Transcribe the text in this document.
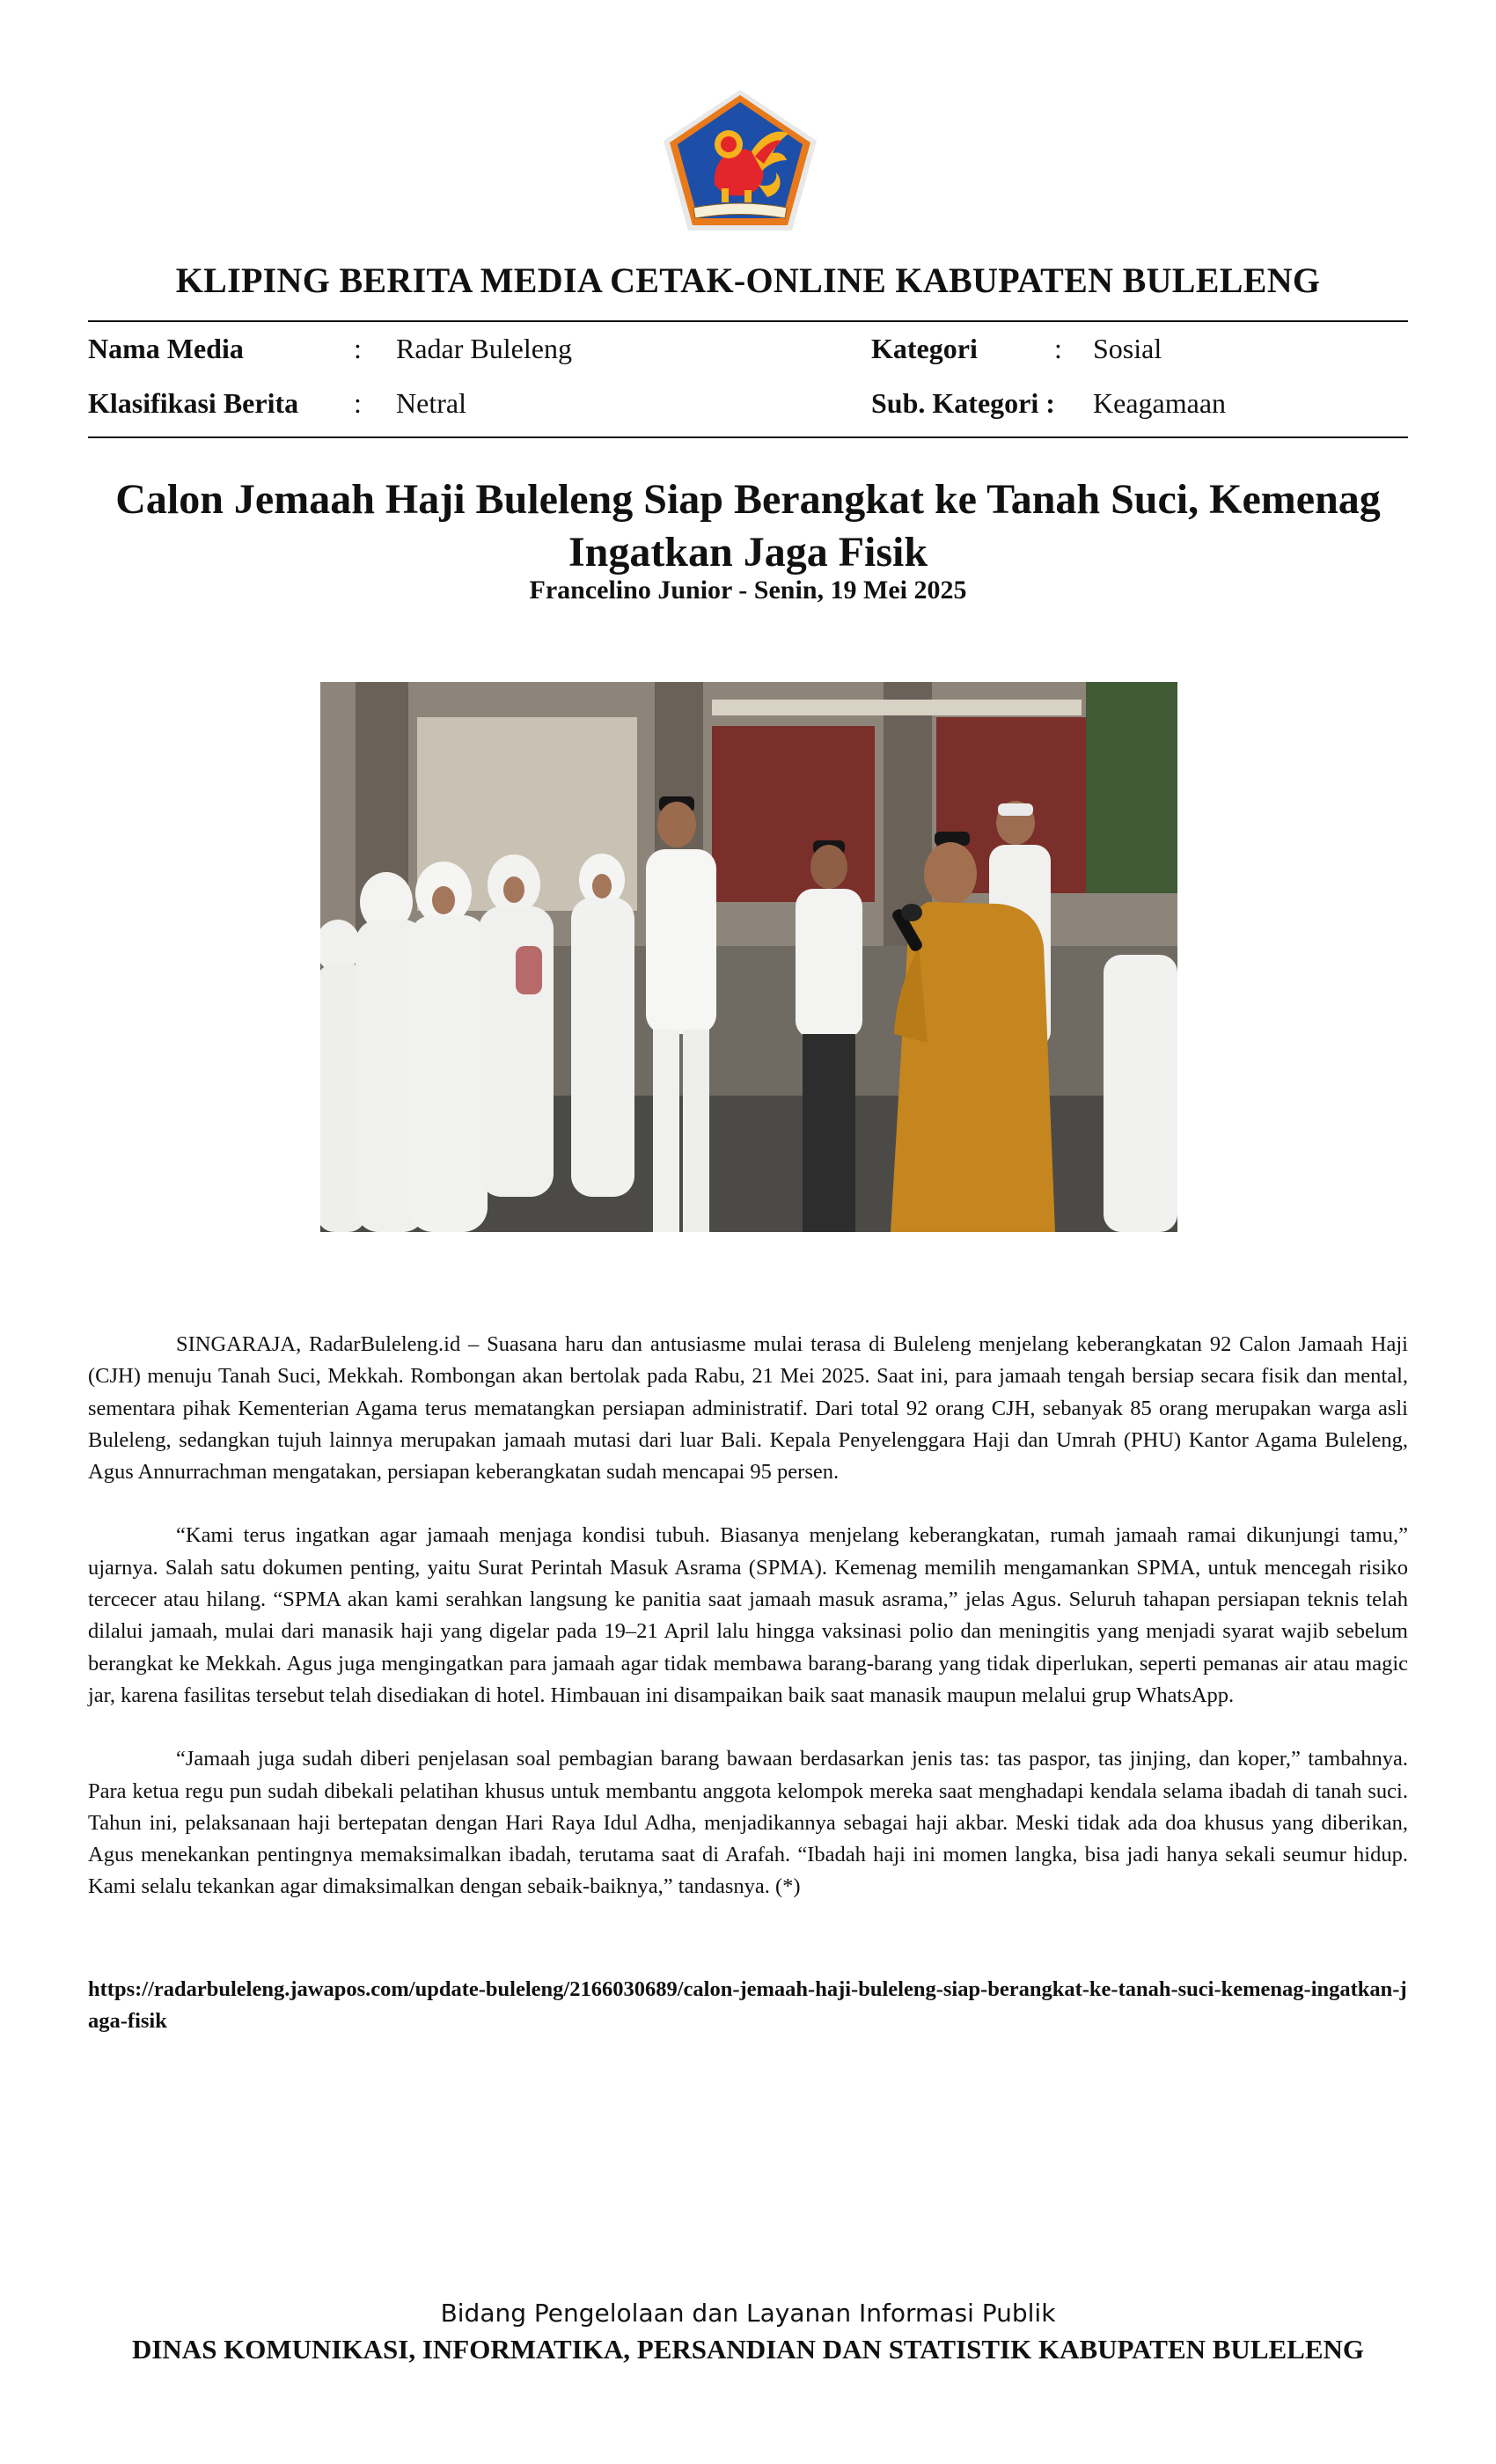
KLIPING BERITA MEDIA CETAK-ONLINE KABUPATEN BULELENG
Nama Media	: Radar Buleleng	Kategori	: Sosial
Klasifikasi Berita : Netral	Sub. Kategori : Keagamaan
Calon Jemaah Haji Buleleng Siap Berangkat ke Tanah Suci, Kemenag Ingatkan Jaga Fisik
Francelino Junior - Senin, 19 Mei 2025

SINGARAJA, RadarBuleleng.id – Suasana haru dan antusiasme mulai terasa di Buleleng menjelang keberangkatan 92 Calon Jamaah Haji (CJH) menuju Tanah Suci, Mekkah. Rombongan akan bertolak pada Rabu, 21 Mei 2025. Saat ini, para jamaah tengah bersiap secara fisik dan mental, sementara pihak Kementerian Agama terus mematangkan persiapan administratif. Dari total 92 orang CJH, sebanyak 85 orang merupakan warga asli Buleleng, sedangkan tujuh lainnya merupakan jamaah mutasi dari luar Bali. Kepala Penyelenggara Haji dan Umrah (PHU) Kantor Agama Buleleng, Agus Annurrachman mengatakan, persiapan keberangkatan sudah mencapai 95 persen.

“Kami terus ingatkan agar jamaah menjaga kondisi tubuh. Biasanya menjelang keberangkatan, rumah jamaah ramai dikunjungi tamu,” ujarnya. Salah satu dokumen penting, yaitu Surat Perintah Masuk Asrama (SPMA). Kemenag memilih mengamankan SPMA, untuk mencegah risiko tercecer atau hilang. “SPMA akan kami serahkan langsung ke panitia saat jamaah masuk asrama,” jelas Agus. Seluruh tahapan persiapan teknis telah dilalui jamaah, mulai dari manasik haji yang digelar pada 19–21 April lalu hingga vaksinasi polio dan meningitis yang menjadi syarat wajib sebelum berangkat ke Mekkah. Agus juga mengingatkan para jamaah agar tidak membawa barang-barang yang tidak diperlukan, seperti pemanas air atau magic jar, karena fasilitas tersebut telah disediakan di hotel. Himbauan ini disampaikan baik saat manasik maupun melalui grup WhatsApp.

“Jamaah juga sudah diberi penjelasan soal pembagian barang bawaan berdasarkan jenis tas: tas paspor, tas jinjing, dan koper,” tambahnya. Para ketua regu pun sudah dibekali pelatihan khusus untuk membantu anggota kelompok mereka saat menghadapi kendala selama ibadah di tanah suci. Tahun ini, pelaksanaan haji bertepatan dengan Hari Raya Idul Adha, menjadikannya sebagai haji akbar. Meski tidak ada doa khusus yang diberikan, Agus menekankan pentingnya memaksimalkan ibadah, terutama saat di Arafah. “Ibadah haji ini momen langka, bisa jadi hanya sekali seumur hidup. Kami selalu tekankan agar dimaksimalkan dengan sebaik-baiknya,” tandasnya. (*)

https://radarbuleleng.jawapos.com/update-buleleng/2166030689/calon-jemaah-haji-buleleng-siap-berangkat-ke-tanah-suci-kemenag-ingatkan-jaga-fisik
Bidang Pengelolaan dan Layanan Informasi Publik
DINAS KOMUNIKASI, INFORMATIKA, PERSANDIAN DAN STATISTIK KABUPATEN BULELENG
